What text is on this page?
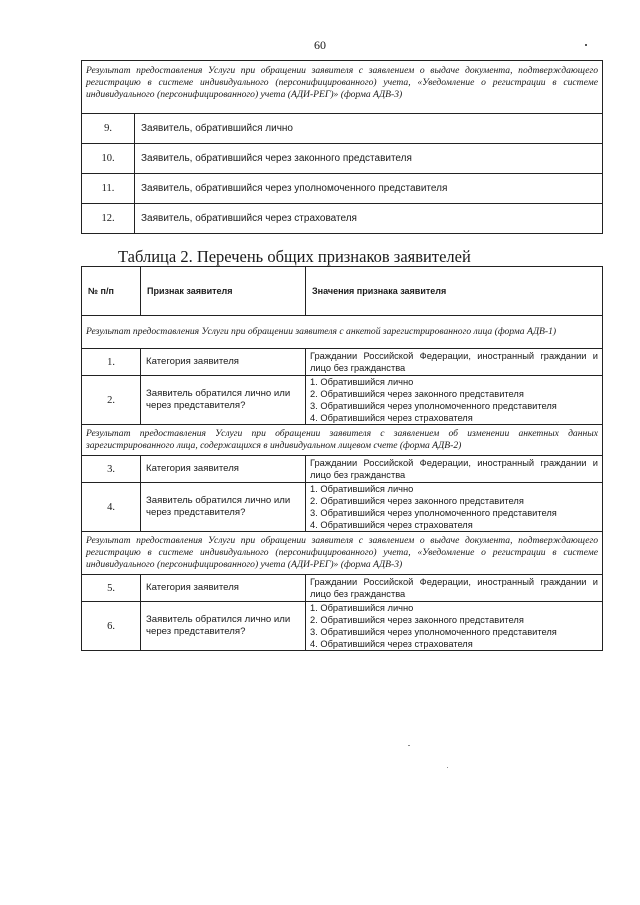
60
Результат предоставления Услуги при обращении заявителя с заявлением о выдаче документа, подтверждающего регистрацию в системе индивидуального (персонифицированного) учета, «Уведомление о регистрации в системе индивидуального (персонифицированного) учета (АДИ-РЕГ)» (форма АДВ-3)	
9.	Заявитель, обратившийся лично
10.	Заявитель, обратившийся через законного представителя
11.	Заявитель, обратившийся через уполномоченного представителя
12.	Заявитель, обратившийся через страхователя
Таблица 2. Перечень общих признаков заявителей
№ п/п	Признак заявителя	Значения признака заявителя
Результат предоставления Услуги при обращении заявителя с анкетой зарегистрированного лица (форма АДВ-1)		
1.	Категория заявителя	Граждании Российской Федерации, иностранный граждании и лицо без гражданства
2.	Заявитель обратился лично или через представителя?	1. Обратившийся лично
2. Обратившийся через законного представителя
3. Обратившийся через уполномоченного представителя
4. Обратившийся через страхователя

Результат предоставления Услуги при обращении заявителя с заявлением об изменении анкетных данных зарегистрированного лица, содержащихся в индивидуальном лицевом счете (форма АДВ-2)		
3.	Категория заявителя	Граждании Российской Федерации, иностранный граждании и лицо без гражданства
4.	Заявитель обратился лично или через представителя?	1. Обратившийся лично
2. Обратившийся через законного представителя
3. Обратившийся через уполномоченного представителя
4. Обратившийся через страхователя

Результат предоставления Услуги при обращении заявителя с заявлением о выдаче документа, подтверждающего регистрацию в системе индивидуального (персонифицированного) учета, «Уведомление о регистрации в системе индивидуального (персонифицированного) учета (АДИ-РЕГ)» (форма АДВ-3)		
5.	Категория заявителя	Граждании Российской Федерации, иностранный граждании и лицо без гражданства
6.	Заявитель обратился лично или через представителя?	1. Обратившийся лично
2. Обратившийся через законного представителя
3. Обратившийся через уполномоченного представителя
4. Обратившийся через страхователя
